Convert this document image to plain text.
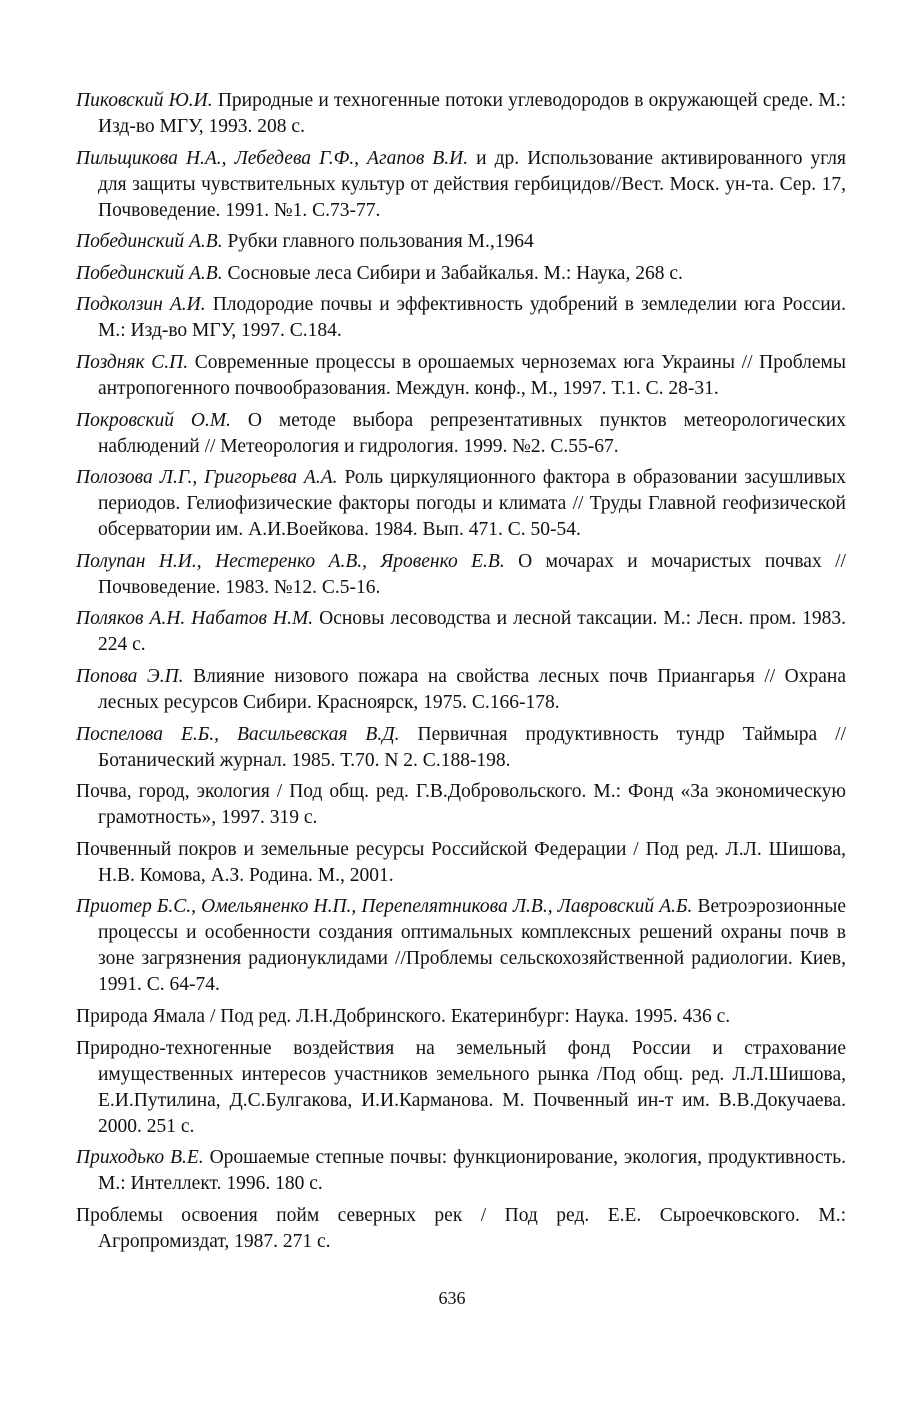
Пиковский Ю.И. Природные и техногенные потоки углеводородов в окружающей среде. М.: Изд-во МГУ, 1993. 208 с.
Пильщикова Н.А., Лебедева Г.Ф., Агапов В.И. и др. Использование активированного угля для защиты чувствительных культур от действия гербицидов//Вест. Моск. ун-та. Сер. 17, Почвоведение. 1991. №1. С.73-77.
Побединский А.В. Рубки главного пользования М.,1964
Побединский А.В. Сосновые леса Сибири и Забайкалья. М.: Наука, 268 с.
Подколзин А.И. Плодородие почвы и эффективность удобрений в земледелии юга России. М.: Изд-во МГУ, 1997. С.184.
Поздняк С.П. Современные процессы в орошаемых черноземах юга Украины // Проблемы антропогенного почвообразования. Междун. конф., М., 1997. Т.1. С. 28-31.
Покровский О.М. О методе выбора репрезентативных пунктов метеорологических наблюдений // Метеорология и гидрология. 1999. №2. С.55-67.
Полозова Л.Г., Григорьева А.А. Роль циркуляционного фактора в образовании засушливых периодов. Гелиофизические факторы погоды и климата // Труды Главной геофизической обсерватории им. А.И.Воейкова. 1984. Вып. 471. С. 50-54.
Полупан Н.И., Нестеренко А.В., Яровенко Е.В. О мочарах и мочаристых почвах // Почвоведение. 1983. №12. С.5-16.
Поляков А.Н. Набатов Н.М. Основы лесоводства и лесной таксации. М.: Лесн. пром. 1983. 224 с.
Попова Э.П. Влияние низового пожара на свойства лесных почв Приангарья // Охрана лесных ресурсов Сибири. Красноярск, 1975. С.166-178.
Поспелова Е.Б., Васильевская В.Д. Первичная продуктивность тундр Таймыра // Ботанический журнал. 1985. Т.70. N 2. С.188-198.
Почва, город, экология / Под общ. ред. Г.В.Добровольского. М.: Фонд «За экономическую грамотность», 1997. 319 с.
Почвенный покров и земельные ресурсы Российской Федерации / Под ред. Л.Л. Шишова, Н.В. Комова, А.З. Родина. М., 2001.
Приотер Б.С., Омельяненко Н.П., Перепелятникова Л.В., Лавровский А.Б. Ветроэрозионные процессы и особенности создания оптимальных комплексных решений охраны почв в зоне загрязнения радионуклидами //Проблемы сельскохозяйственной радиологии. Киев, 1991. С. 64-74.
Природа Ямала / Под ред. Л.Н.Добринского. Екатеринбург: Наука. 1995. 436 с.
Природно-техногенные воздействия на земельный фонд России и страхование имущественных интересов участников земельного рынка /Под общ. ред. Л.Л.Шишова, Е.И.Путилина, Д.С.Булгакова, И.И.Карманова. М. Почвенный ин-т им. В.В.Докучаева. 2000. 251 с.
Приходько В.Е. Орошаемые степные почвы: функционирование, экология, продуктивность. М.: Интеллект. 1996. 180 с.
Проблемы освоения пойм северных рек / Под ред. Е.Е. Сыроечковского. М.: Агропромиздат, 1987. 271 с.
636
